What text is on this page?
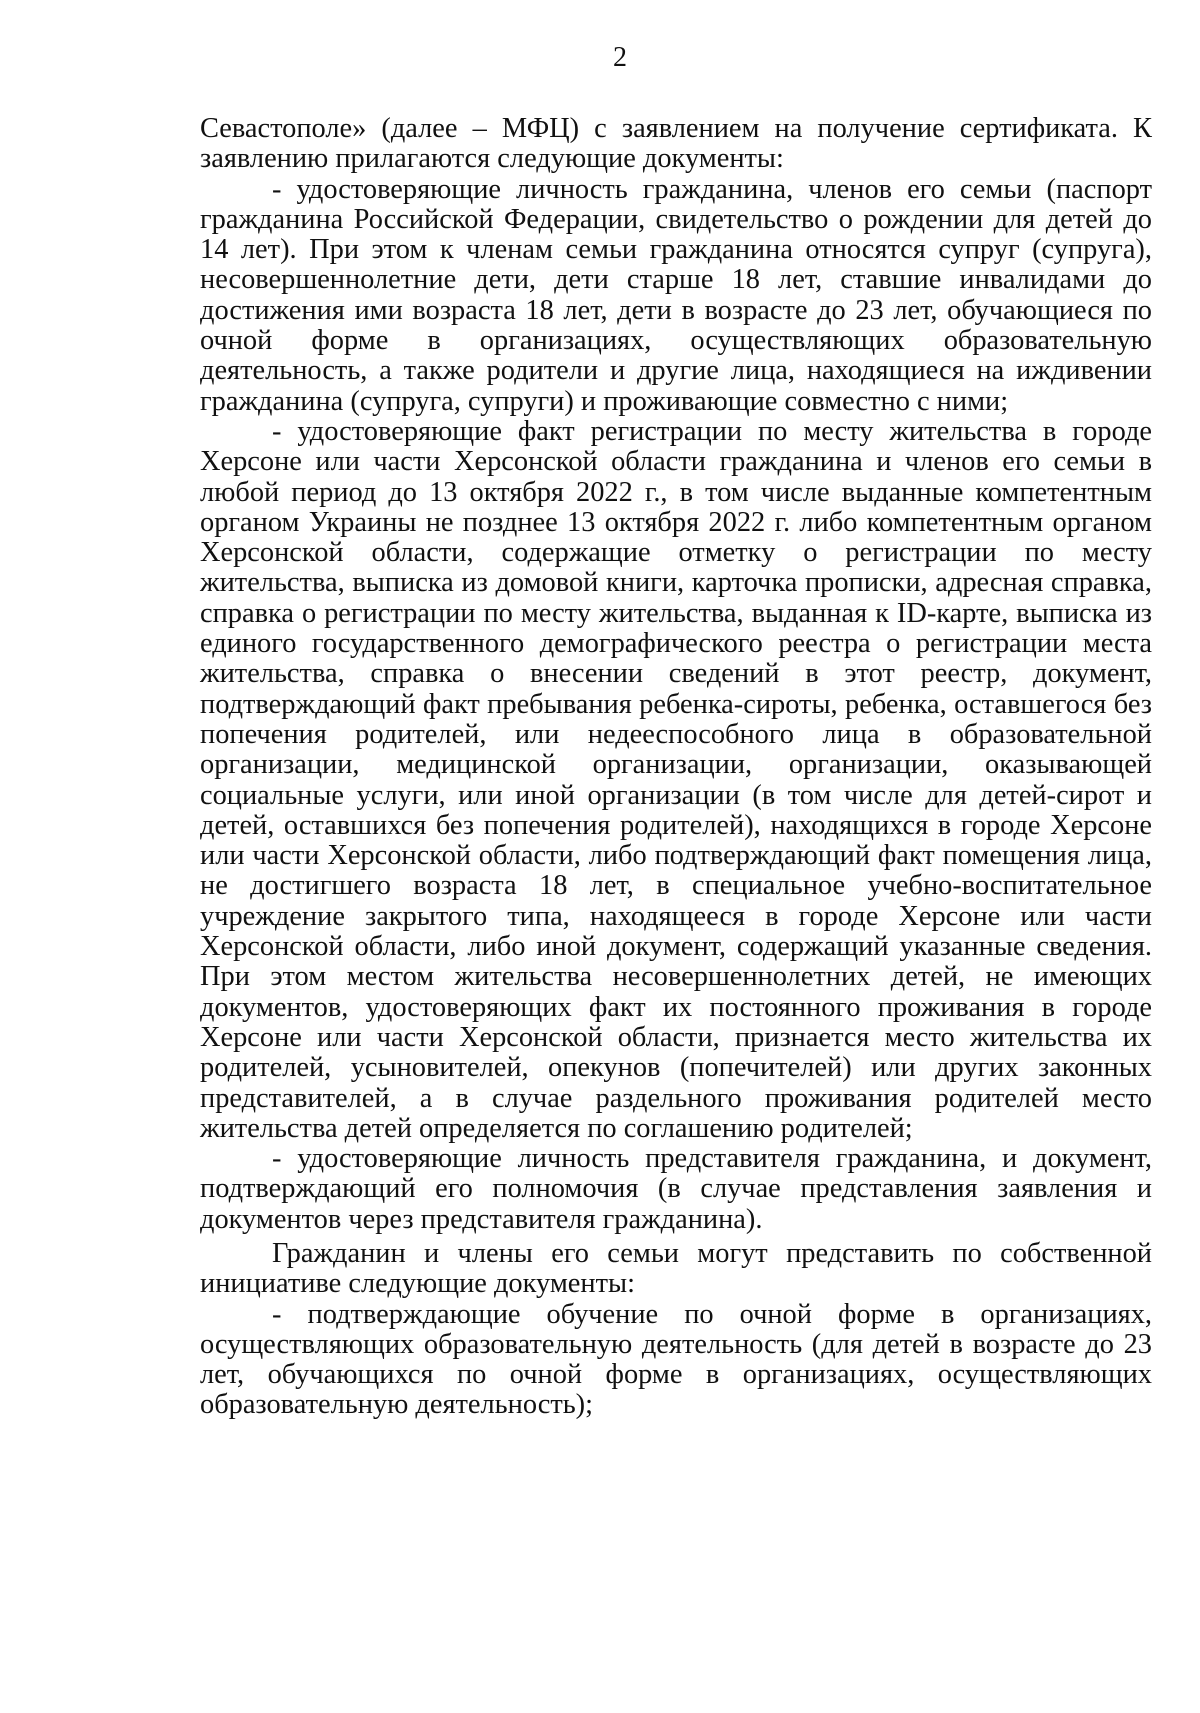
2

Севастополе» (далее – МФЦ) с заявлением на получение сертификата. К заявлению прилагаются следующие документы:

- удостоверяющие личность гражданина, членов его семьи (паспорт гражданина Российской Федерации, свидетельство о рождении для детей до 14 лет). При этом к членам семьи гражданина относятся супруг (супруга), несовершеннолетние дети, дети старше 18 лет, ставшие инвалидами до достижения ими возраста 18 лет, дети в возрасте до 23 лет, обучающиеся по очной форме в организациях, осуществляющих образовательную деятельность, а также родители и другие лица, находящиеся на иждивении гражданина (супруга, супруги) и проживающие совместно с ними;

- удостоверяющие факт регистрации по месту жительства в городе Херсоне или части Херсонской области гражданина и членов его семьи в любой период до 13 октября 2022 г., в том числе выданные компетентным органом Украины не позднее 13 октября 2022 г. либо компетентным органом Херсонской области, содержащие отметку о регистрации по месту жительства, выписка из домовой книги, карточка прописки, адресная справка, справка о регистрации по месту жительства, выданная к ID-карте, выписка из единого государственного демографического реестра о регистрации места жительства, справка о внесении сведений в этот реестр, документ, подтверждающий факт пребывания ребенка-сироты, ребенка, оставшегося без попечения родителей, или недееспособного лица в образовательной организации, медицинской организации, организации, оказывающей социальные услуги, или иной организации (в том числе для детей-сирот и детей, оставшихся без попечения родителей), находящихся в городе Херсоне или части Херсонской области, либо подтверждающий факт помещения лица, не достигшего возраста 18 лет, в специальное учебно-воспитательное учреждение закрытого типа, находящееся в городе Херсоне или части Херсонской области, либо иной документ, содержащий указанные сведения. При этом местом жительства несовершеннолетних детей, не имеющих документов, удостоверяющих факт их постоянного проживания в городе Херсоне или части Херсонской области, признается место жительства их родителей, усыновителей, опекунов (попечителей) или других законных представителей, а в случае раздельного проживания родителей место жительства детей определяется по соглашению родителей;

- удостоверяющие личность представителя гражданина, и документ, подтверждающий его полномочия (в случае представления заявления и документов через представителя гражданина).

Гражданин и члены его семьи могут представить по собственной инициативе следующие документы:

- подтверждающие обучение по очной форме в организациях, осуществляющих образовательную деятельность (для детей в возрасте до 23 лет, обучающихся по очной форме в организациях, осуществляющих образовательную деятельность);
